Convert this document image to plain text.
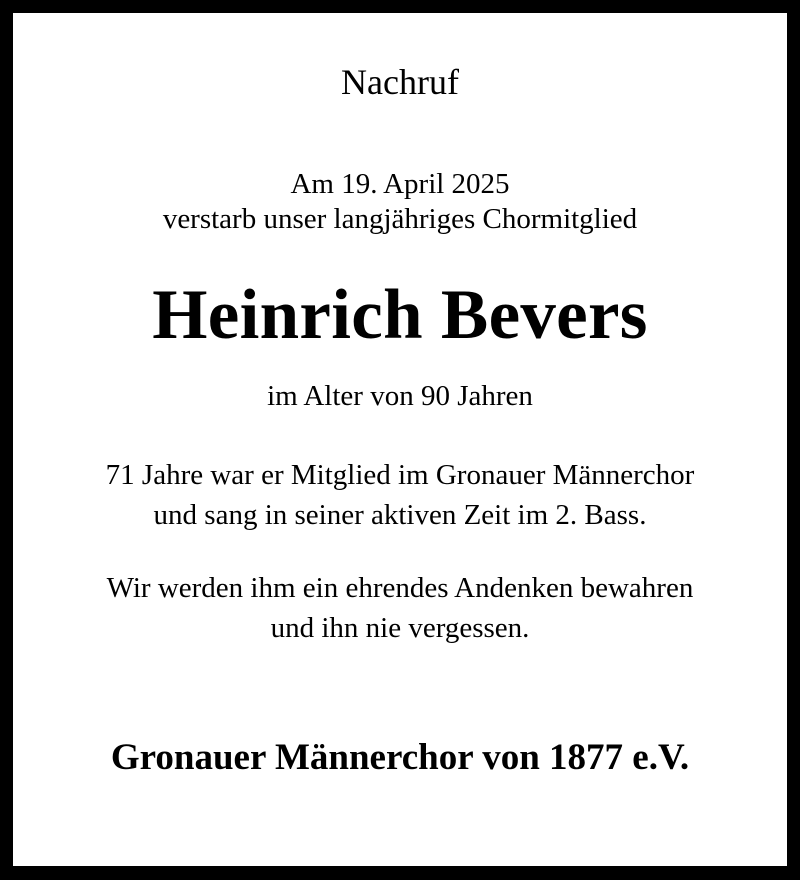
Nachruf
Am 19. April 2025
verstarb unser langjähriges Chormitglied
Heinrich Bevers
im Alter von 90 Jahren
71 Jahre war er Mitglied im Gronauer Männerchor
und sang in seiner aktiven Zeit im 2. Bass.
Wir werden ihm ein ehrendes Andenken bewahren
und ihn nie vergessen.
Gronauer Männerchor von 1877 e.V.
